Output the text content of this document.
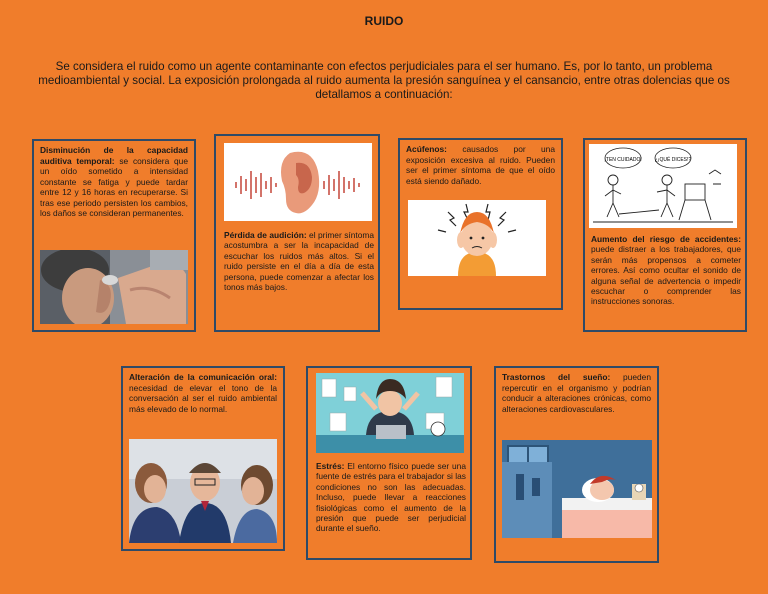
RUIDO
Se considera el ruido como un agente contaminante con efectos perjudiciales para el ser humano. Es, por lo tanto, un problema medioambiental y social. La exposición prolongada al ruido aumenta la presión sanguínea y el cansancio, entre otras dolencias que os detallamos a continuación:
Disminución de la capacidad auditiva temporal: se considera que un oído sometido a intensidad constante se fatiga y puede tardar entre 12 y 16 horas en recuperarse. Si tras ese periodo persisten los cambios, los daños se consideran permanentes.
Pérdida de audición: el primer síntoma acostumbra a ser la incapacidad de escuchar los ruidos más altos. Si el ruido persiste en el día a día de esta persona, puede comenzar a afectar los tonos más bajos.
Acúfenos: causados por una exposición excesiva al ruido. Pueden ser el primer síntoma de que el oído está siendo dañado.
¡TEN CUIDADO!	¿¡QUÉ DICES!?
Aumento del riesgo de accidentes: puede distraer a los trabajadores, que serán más propensos a cometer errores. Así como ocultar el sonido de alguna señal de advertencia o impedir escuchar o comprender las instrucciones sonoras.
Alteración de la comunicación oral: necesidad de elevar el tono de la conversación al ser el ruido ambiental más elevado de lo normal.
Estrés: El entorno físico puede ser una fuente de estrés para el trabajador si las condiciones no son las adecuadas. Incluso, puede llevar a reacciones fisiológicas como el aumento de la presión que puede ser perjudicial durante el sueño.
Trastornos del sueño: pueden repercutir en el organismo y podrían conducir a alteraciones crónicas, como alteraciones cardiovasculares.
